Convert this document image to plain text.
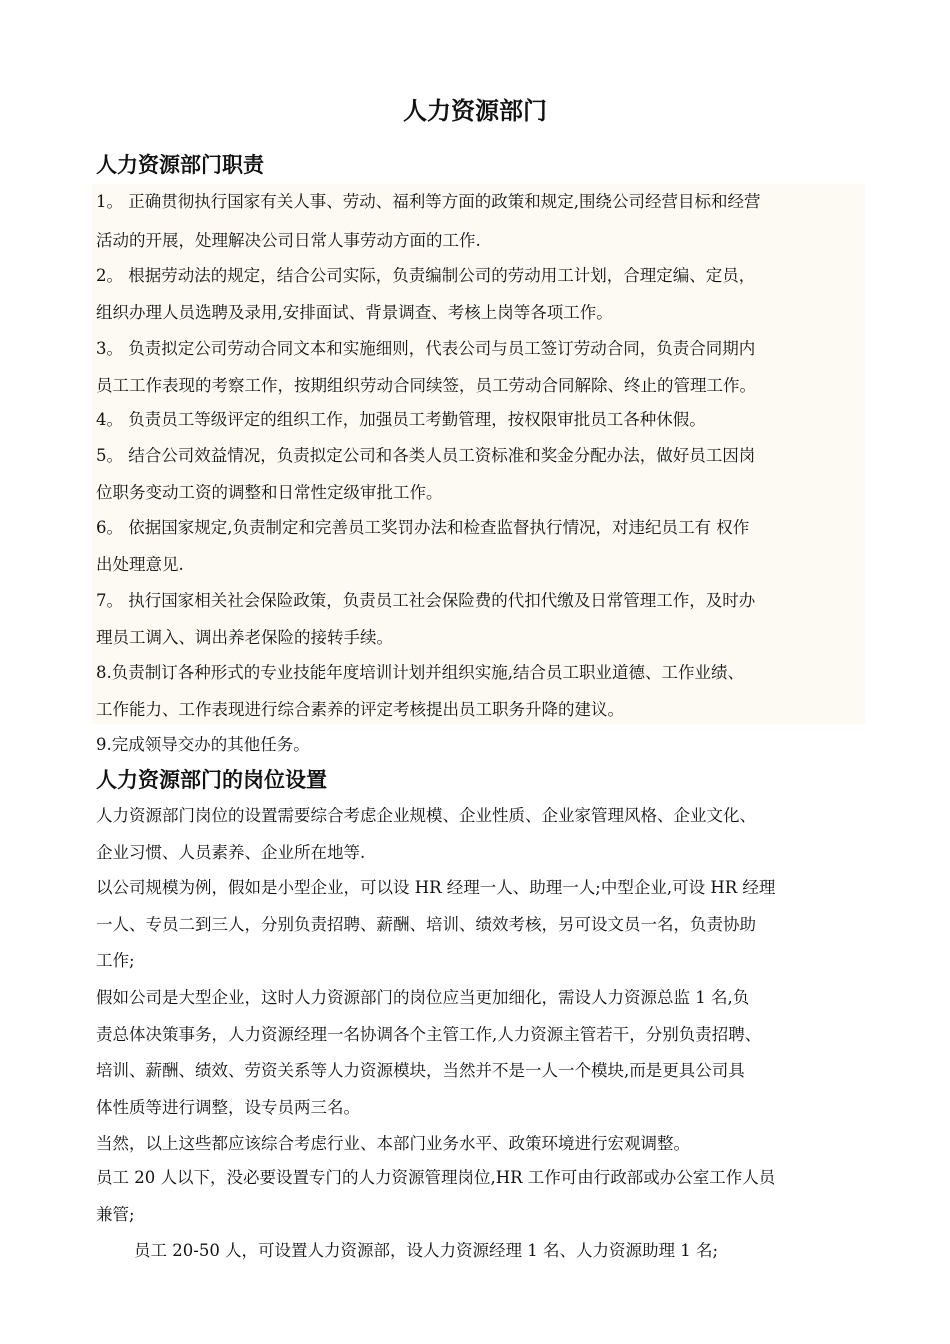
人力资源部门
人力资源部门职责
1。 正确贯彻执行国家有关人事、劳动、福利等方面的政策和规定,围绕公司经营目标和经营
活动的开展，处理解决公司日常人事劳动方面的工作.
2。 根据劳动法的规定，结合公司实际，负责编制公司的劳动用工计划，合理定编、定员，
组织办理人员选聘及录用,安排面试、背景调查、考核上岗等各项工作。
3。 负责拟定公司劳动合同文本和实施细则，代表公司与员工签订劳动合同，负责合同期内
员工工作表现的考察工作，按期组织劳动合同续签，员工劳动合同解除、终止的管理工作。
4。 负责员工等级评定的组织工作，加强员工考勤管理，按权限审批员工各种休假。
5。 结合公司效益情况，负责拟定公司和各类人员工资标准和奖金分配办法，做好员工因岗
位职务变动工资的调整和日常性定级审批工作。
6。 依据国家规定,负责制定和完善员工奖罚办法和检查监督执行情况，对违纪员工有 权作
出处理意见.
7。 执行国家相关社会保险政策，负责员工社会保险费的代扣代缴及日常管理工作，及时办
理员工调入、调出养老保险的接转手续。
8.负责制订各种形式的专业技能年度培训计划并组织实施,结合员工职业道德、工作业绩、
工作能力、工作表现进行综合素养的评定考核提出员工职务升降的建议。
9.完成领导交办的其他任务。
人力资源部门的岗位设置
人力资源部门岗位的设置需要综合考虑企业规模、企业性质、企业家管理风格、企业文化、
企业习惯、人员素养、企业所在地等.
以公司规模为例，假如是小型企业，可以设 HR 经理一人、助理一人;中型企业,可设 HR 经理
一人、专员二到三人，分别负责招聘、薪酬、培训、绩效考核，另可设文员一名，负责协助
工作;
假如公司是大型企业，这时人力资源部门的岗位应当更加细化，需设人力资源总监 1 名,负
责总体决策事务，人力资源经理一名协调各个主管工作,人力资源主管若干，分别负责招聘、
培训、薪酬、绩效、劳资关系等人力资源模块，当然并不是一人一个模块,而是更具公司具
体性质等进行调整，设专员两三名。
当然，以上这些都应该综合考虑行业、本部门业务水平、政策环境进行宏观调整。
员工 20 人以下，没必要设置专门的人力资源管理岗位,HR 工作可由行政部或办公室工作人员
兼管;
员工 20-50 人，可设置人力资源部，设人力资源经理 1 名、人力资源助理 1 名;
